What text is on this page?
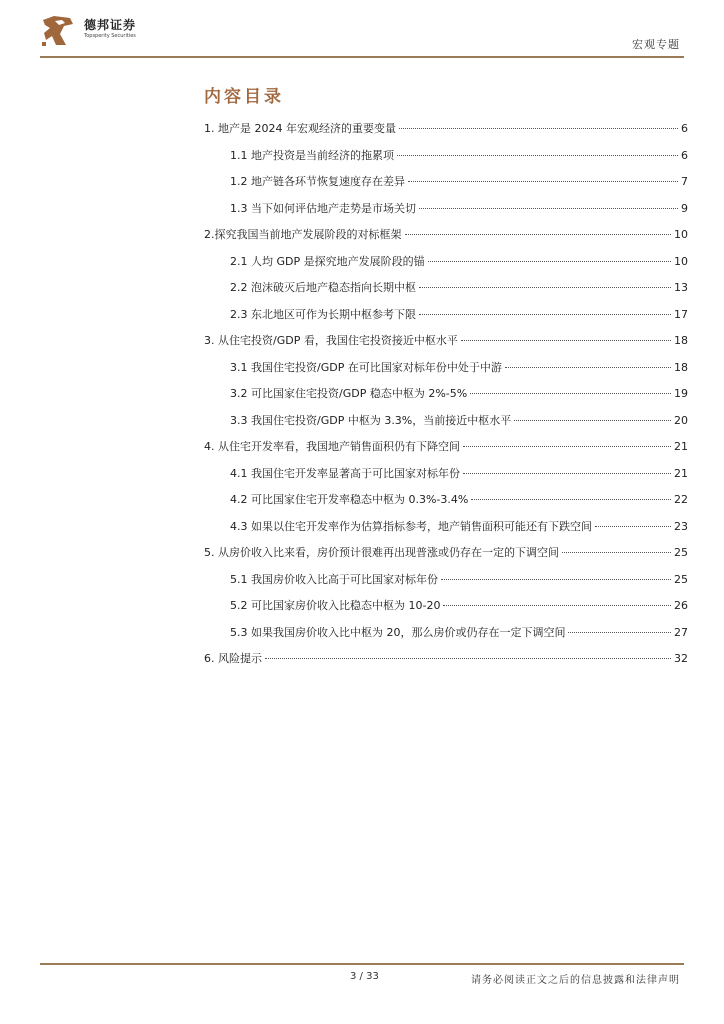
德邦证券
Topsperity Securities
宏观专题
内容目录
1. 地产是 2024 年宏观经济的重要变量	6
1.1 地产投资是当前经济的拖累项	6
1.2 地产链各环节恢复速度存在差异	7
1.3 当下如何评估地产走势是市场关切	9
2.探究我国当前地产发展阶段的对标框架	10
2.1 人均 GDP 是探究地产发展阶段的锚	10
2.2 泡沫破灭后地产稳态指向长期中枢	13
2.3 东北地区可作为长期中枢参考下限	17
3. 从住宅投资/GDP 看，我国住宅投资接近中枢水平	18
3.1 我国住宅投资/GDP 在可比国家对标年份中处于中游	18
3.2 可比国家住宅投资/GDP 稳态中枢为 2%-5%	19
3.3 我国住宅投资/GDP 中枢为 3.3%，当前接近中枢水平	20
4. 从住宅开发率看，我国地产销售面积仍有下降空间	21
4.1 我国住宅开发率显著高于可比国家对标年份	21
4.2 可比国家住宅开发率稳态中枢为 0.3%-3.4%	22
4.3 如果以住宅开发率作为估算指标参考，地产销售面积可能还有下跌空间	23
5. 从房价收入比来看，房价预计很难再出现普涨或仍存在一定的下调空间	25
5.1 我国房价收入比高于可比国家对标年份	25
5.2 可比国家房价收入比稳态中枢为 10-20	26
5.3 如果我国房价收入比中枢为 20，那么房价或仍存在一定下调空间	27
6. 风险提示	32
3 / 33	请务必阅读正文之后的信息披露和法律声明
